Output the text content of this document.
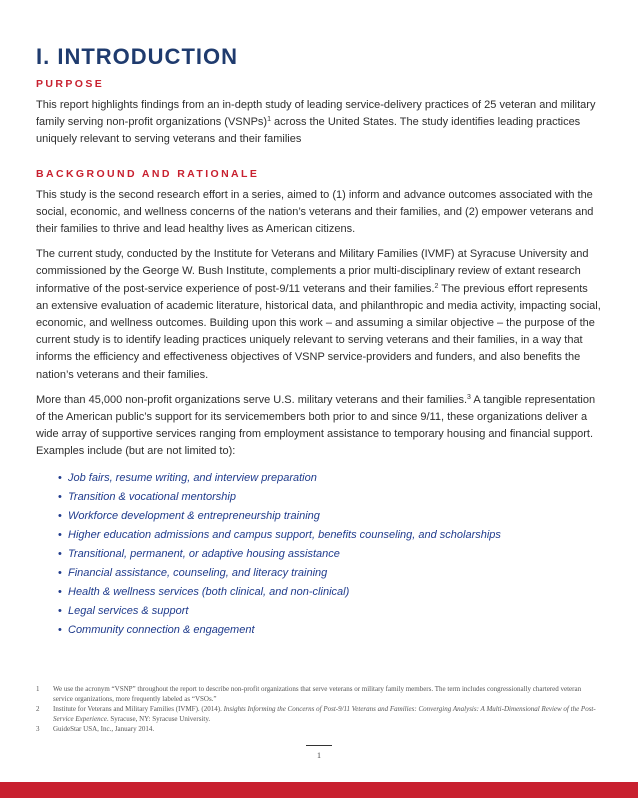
I. INTRODUCTION
PURPOSE

This report highlights findings from an in-depth study of leading service-delivery practices of 25 veteran and military family serving non-profit organizations (VSNPs)$^1$ across the United States. The study identifies leading practices uniquely relevant to serving veterans and their families

BACKGROUND AND RATIONALE

This study is the second research effort in a series, aimed to (1) inform and advance outcomes associated with the social, economic, and wellness concerns of the nation’s veterans and their families, and (2) empower veterans and their families to thrive and lead healthy lives as American citizens.

The current study, conducted by the Institute for Veterans and Military Families (IVMF) at Syracuse University and commissioned by the George W. Bush Institute, complements a prior multi-disciplinary review of extant research informative of the post-service experience of post-9/11 veterans and their families.$^2$ The previous effort represents an extensive evaluation of academic literature, historical data, and philanthropic and media activity, impacting social, economic, and wellness outcomes. Building upon this work – and assuming a similar objective – the purpose of the current study is to identify leading practices uniquely relevant to serving veterans and their families, in a way that informs the efficiency and effectiveness objectives of VSNP service-providers and funders, and also benefits the nation’s veterans and their families.

More than 45,000 non-profit organizations serve U.S. military veterans and their families.$^3$ A tangible representation of the American public’s support for its servicemembers both prior to and since 9/11, these organizations deliver a wide array of supportive services ranging from employment assistance to temporary housing and financial support. Examples include (but are not limited to):

• Job fairs, resume writing, and interview preparation
• Transition & vocational mentorship
• Workforce development & entrepreneurship training
• Higher education admissions and campus support, benefits counseling, and scholarships
• Transitional, permanent, or adaptive housing assistance
• Financial assistance, counseling, and literacy training
• Health & wellness services (both clinical, and non-clinical)
• Legal services & support
• Community connection & engagement
1 We use the acronym “VSNP” throughout the report to describe non-profit organizations that serve veterans or military family members. The term includes congressionally chartered veteran service organizations, more frequently labeled as “VSOs.”
2 Institute for Veterans and Military Families (IVMF). (2014). Insights Informing the Concerns of Post-9/11 Veterans and Families: Converging Analysis: A Multi-Dimensional Review of the Post-Service Experience. Syracuse, NY: Syracuse University.
3 GuideStar USA, Inc., January 2014.
1
